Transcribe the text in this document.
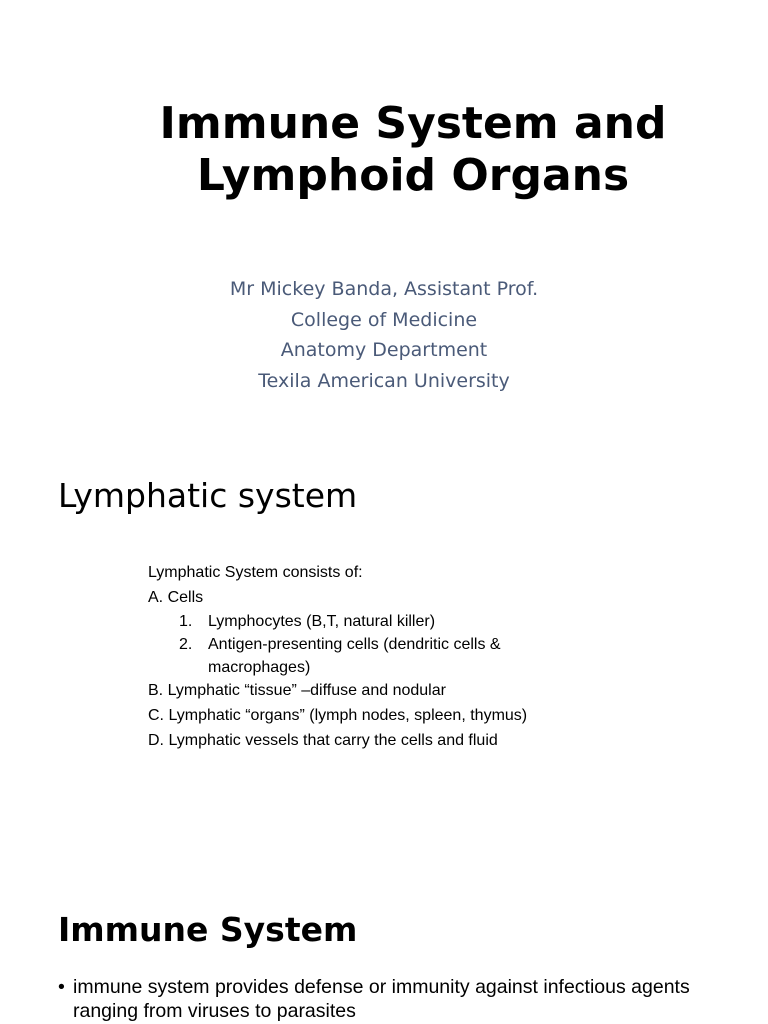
Immune System and
Lymphoid Organs
Mr Mickey Banda, Assistant Prof.
College of Medicine
Anatomy Department
Texila American University
Lymphatic system
Lymphatic System consists of:
A. Cells
1. Lymphocytes (B,T, natural killer)
2. Antigen-presenting cells (dendritic cells & macrophages)
B. Lymphatic “tissue” –diffuse and nodular
C. Lymphatic “organs” (lymph nodes, spleen, thymus)
D. Lymphatic vessels that carry the cells and fluid
Immune System
• immune system provides defense or immunity against infectious agents ranging from viruses to parasites
